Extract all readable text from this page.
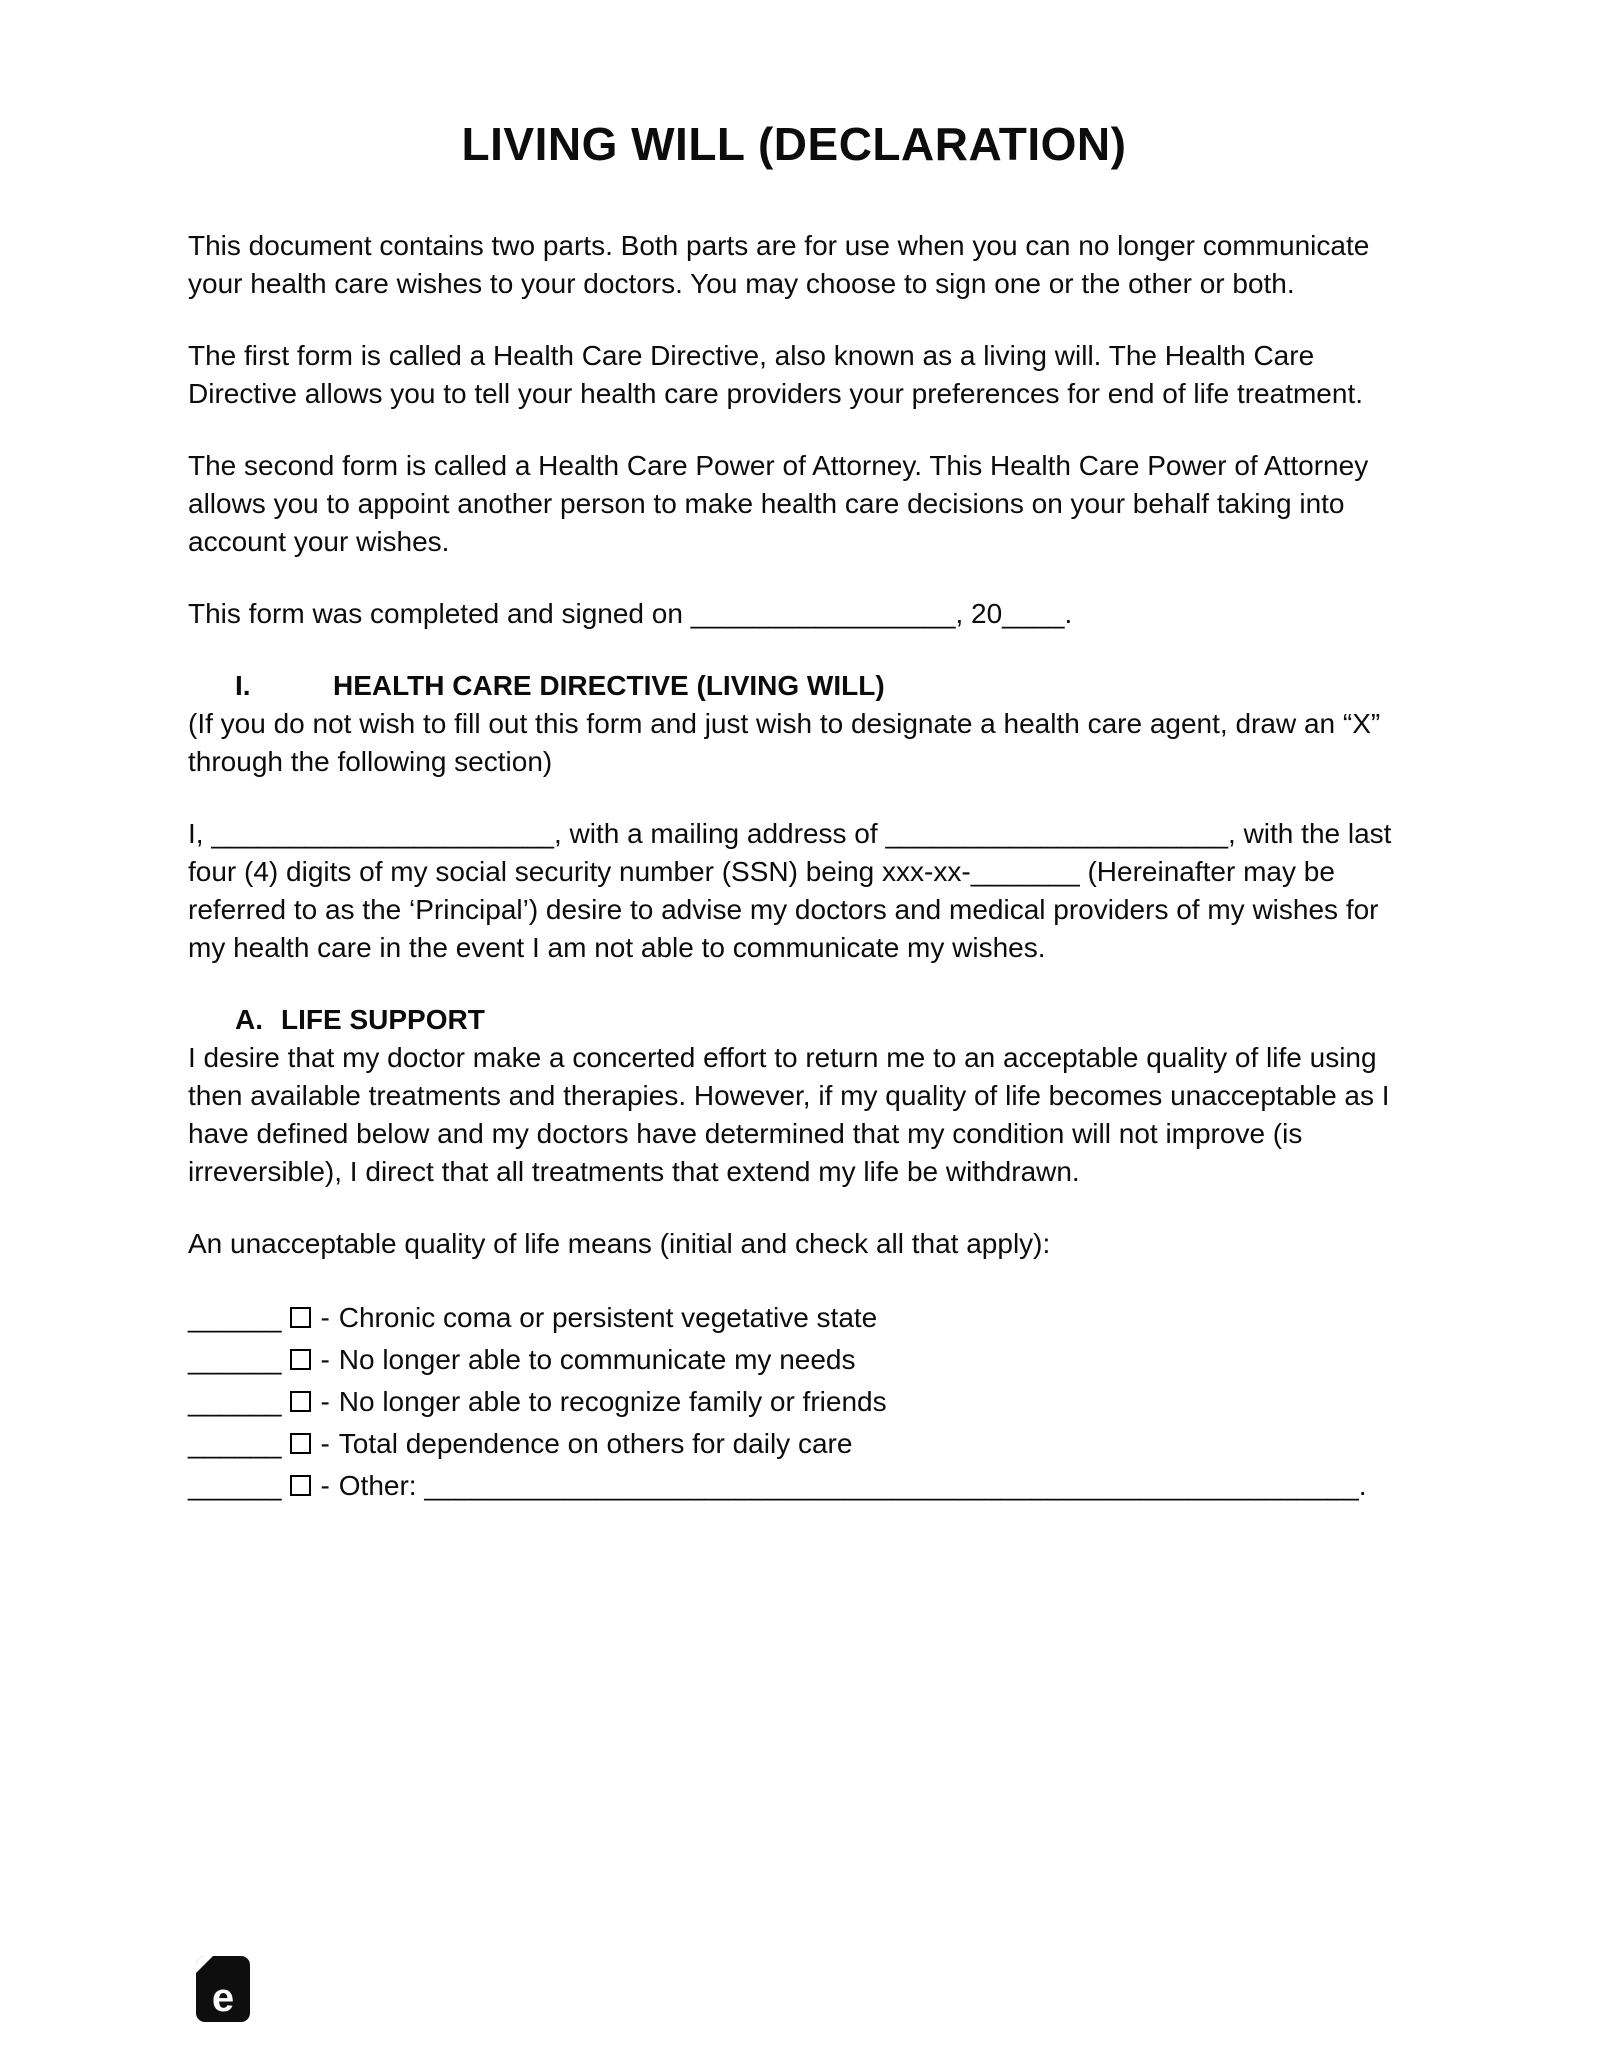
LIVING WILL (DECLARATION)

This document contains two parts. Both parts are for use when you can no longer communicate your health care wishes to your doctors. You may choose to sign one or the other or both.

The first form is called a Health Care Directive, also known as a living will. The Health Care Directive allows you to tell your health care providers your preferences for end of life treatment.

The second form is called a Health Care Power of Attorney. This Health Care Power of Attorney allows you to appoint another person to make health care decisions on your behalf taking into account your wishes.

This form was completed and signed on _________________, 20____.

I.	HEALTH CARE DIRECTIVE (LIVING WILL)

(If you do not wish to fill out this form and just wish to designate a health care agent, draw an “X” through the following section)

I, ______________________, with a mailing address of ______________________, with the last four (4) digits of my social security number (SSN) being xxx-xx-_______ (Hereinafter may be referred to as the ‘Principal’) desire to advise my doctors and medical providers of my wishes for my health care in the event I am not able to communicate my wishes.

A. LIFE SUPPORT

I desire that my doctor make a concerted effort to return me to an acceptable quality of life using then available treatments and therapies. However, if my quality of life becomes unacceptable as I have defined below and my doctors have determined that my condition will not improve (is irreversible), I direct that all treatments that extend my life be withdrawn.

An unacceptable quality of life means (initial and check all that apply):

______ - Chronic coma or persistent vegetative state
______ - No longer able to communicate my needs
______ - No longer able to recognize family or friends
______ - Total dependence on others for daily care
______ - Other: ____________________________________________________________.
e
